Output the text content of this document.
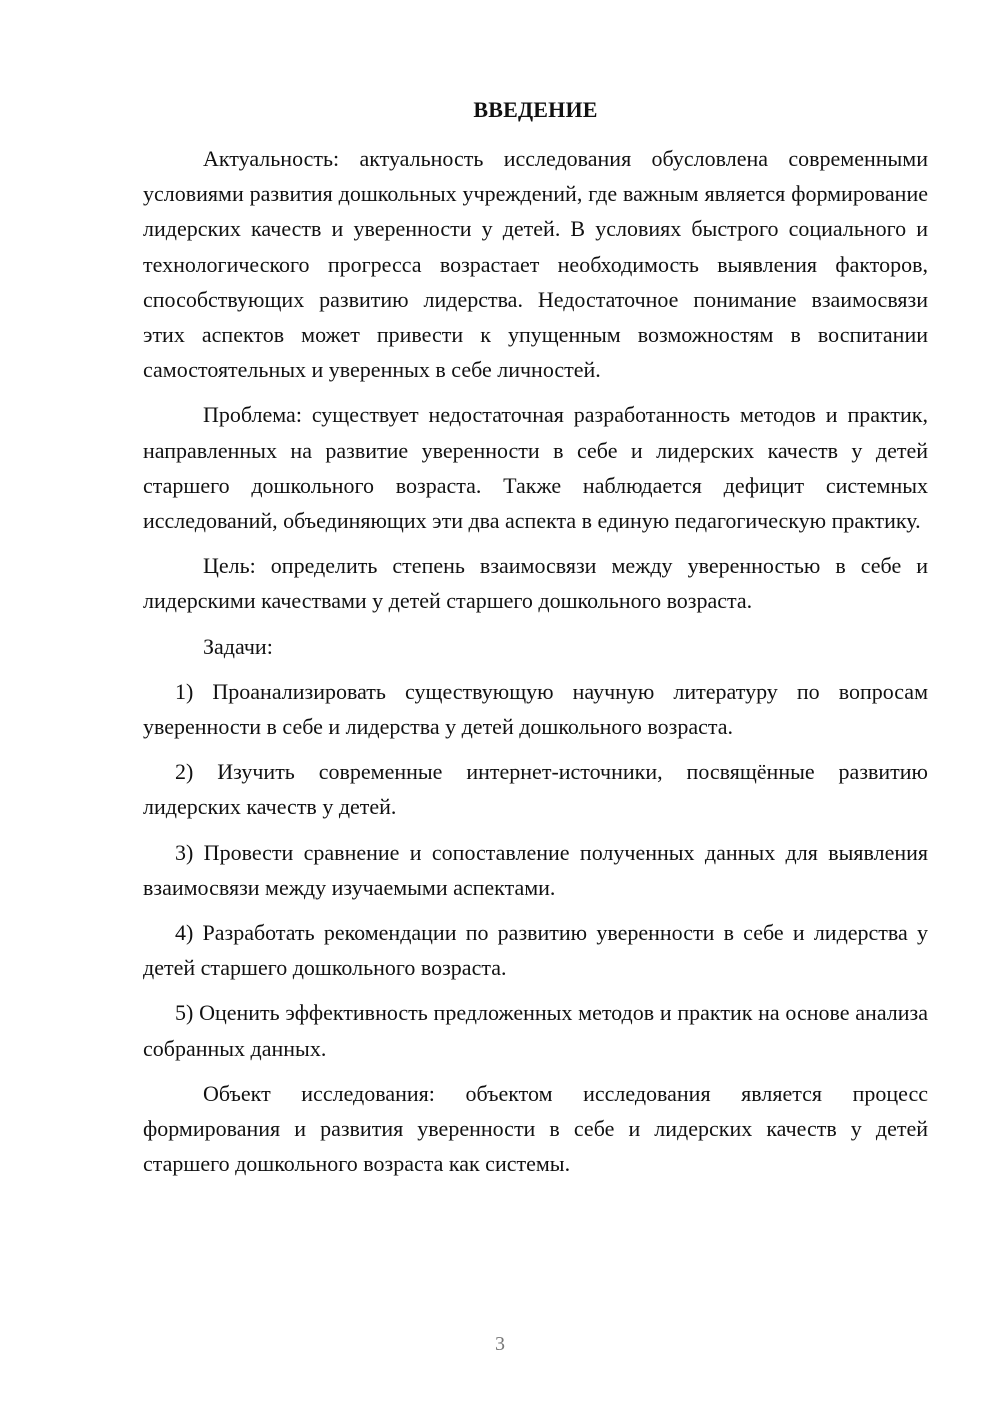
ВВЕДЕНИЕ

Актуальность: актуальность исследования обусловлена современными условиями развития дошкольных учреждений, где важным является формирование лидерских качеств и уверенности у детей. В условиях быстрого социального и технологического прогресса возрастает необходимость выявления факторов, способствующих развитию лидерства. Недостаточное понимание взаимосвязи этих аспектов может привести к упущенным возможностям в воспитании самостоятельных и уверенных в себе личностей.

Проблема: существует недостаточная разработанность методов и практик, направленных на развитие уверенности в себе и лидерских качеств у детей старшего дошкольного возраста. Также наблюдается дефицит системных исследований, объединяющих эти два аспекта в единую педагогическую практику.

Цель: определить степень взаимосвязи между уверенностью в себе и лидерскими качествами у детей старшего дошкольного возраста.

Задачи:

1) Проанализировать существующую научную литературу по вопросам уверенности в себе и лидерства у детей дошкольного возраста.

2) Изучить современные интернет-источники, посвящённые развитию лидерских качеств у детей.

3) Провести сравнение и сопоставление полученных данных для выявления взаимосвязи между изучаемыми аспектами.

4) Разработать рекомендации по развитию уверенности в себе и лидерства у детей старшего дошкольного возраста.

5) Оценить эффективность предложенных методов и практик на основе анализа собранных данных.

Объект исследования: объектом исследования является процесс формирования и развития уверенности в себе и лидерских качеств у детей старшего дошкольного возраста как системы.

3
